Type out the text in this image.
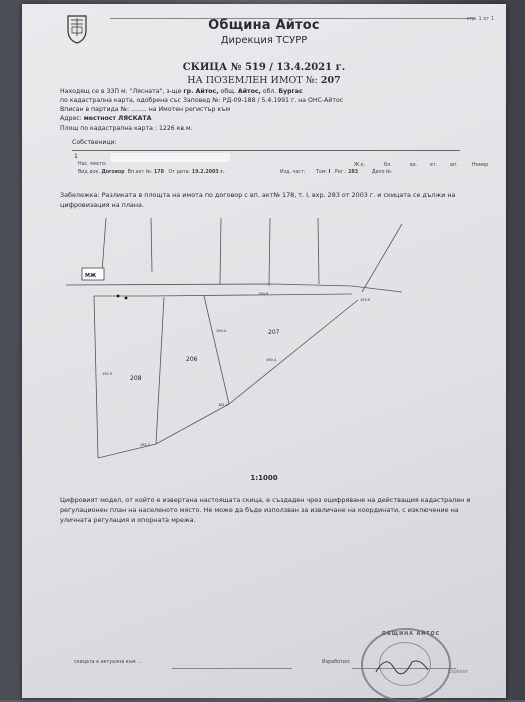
Община Айтос
Дирекция ТСУРР
стр. 1 от 1
СКИЦА № 519 / 13.4.2021 г.
НА ПОЗЕМЛЕН ИМОТ №: 207
Находящ се в ЗЗП м. "Лясната", з-ще гр. Айтос, общ. Айтос, обл. Бургас
по кадастрална карта, одобрена със Заповед №: РД-09-188 / 5.4.1991 г. на ОНС-Айтос
Вписан в партида №: ........ на Имотен регистър към
Адрес: местност ЛЯСКАТА
Площ по кадастрална карта : 1226 кв.м.
Собственици:
1
Нас. място:	Ж.к.	бл.	вх.	ет.	ап.	Номер
Вид док. Договор Вп.акт №: 178 От дата: 19.2.2003 г.	Изд. част: Том: I Рег.: 283	Дело №:
Забележка: Разликата в площта на имота по договор с вп. акт№ 178, т. I, вхр. 283 от 2003 г. и скицата се дължи на цифровизация на плана.
МЖ
208
206
207
190.9
193.9
190.4
190.4
191.2
190.3
181.1
1:1000
Цифровият модел, от който е извертана настоящата скица, е създаден чрез оцифряване на действащия кадастрален и регулационен план на населеното място. Не може да бъде използван за извличане на координати, с изключение на уличната регулация и опорната мрежа.
скицата е актуална към ...	Изработил:
Explorer
ОБЩИНА АЙТОС
